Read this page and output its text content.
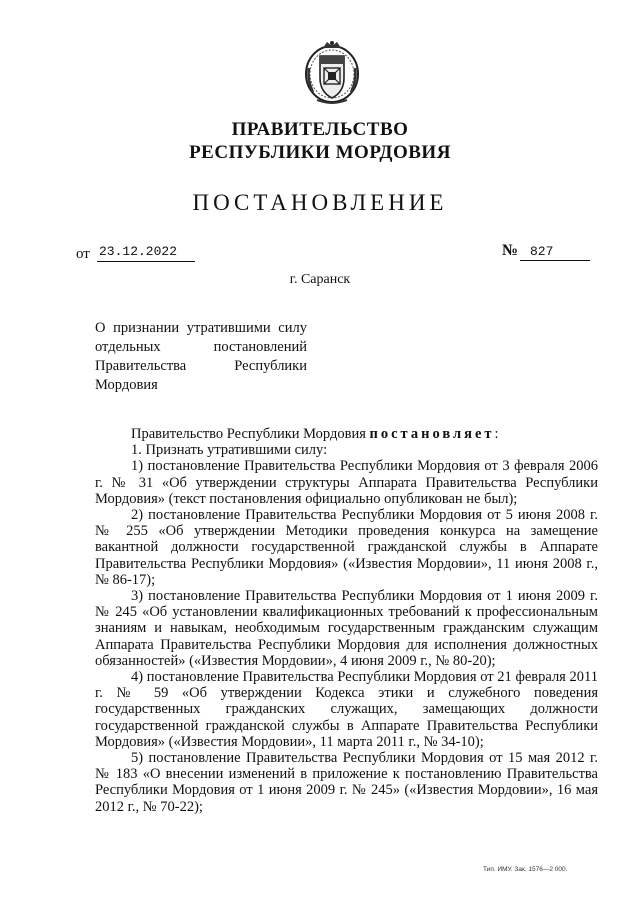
ПРАВИТЕЛЬСТВО
РЕСПУБЛИКИ МОРДОВИЯ
ПОСТАНОВЛЕНИЕ
от 23.12.2022	№ 827
г. Саранск
О признании утратившими силу
отдельных постановлений
Правительства Республики
Мордовия

Правительство Республики Мордовия постановляет:

1. Признать утратившими силу:

1) постановление Правительства Республики Мордовия от 3 февраля 2006 г. № 31 «Об утверждении структуры Аппарата Правительства Республики Мордовия» (текст постановления официально опубликован не был);

2) постановление Правительства Республики Мордовия от 5 июня 2008 г. № 255 «Об утверждении Методики проведения конкурса на замещение вакантной должности государственной гражданской службы в Аппарате Правительства Республики Мордовия» («Известия Мордовии», 11 июня 2008 г., № 86-17);

3) постановление Правительства Республики Мордовия от 1 июня 2009 г. № 245 «Об установлении квалификационных требований к профессиональным знаниям и навыкам, необходимым государственным гражданским служащим Аппарата Правительства Республики Мордовия для исполнения должностных обязанностей» («Известия Мордовии», 4 июня 2009 г., № 80-20);

4) постановление Правительства Республики Мордовия от 21 февраля 2011 г. № 59 «Об утверждении Кодекса этики и служебного поведения государственных гражданских служащих, замещающих должности государственной гражданской службы в Аппарате Правительства Республики Мордовия» («Известия Мордовии», 11 марта 2011 г., № 34-10);

5) постановление Правительства Республики Мордовия от 15 мая 2012 г. № 183 «О внесении изменений в приложение к постановлению Правительства Республики Мордовия от 1 июня 2009 г. № 245» («Известия Мордовии», 16 мая 2012 г., № 70-22);

Тип. ИМУ. Зак. 1576—2 000.
